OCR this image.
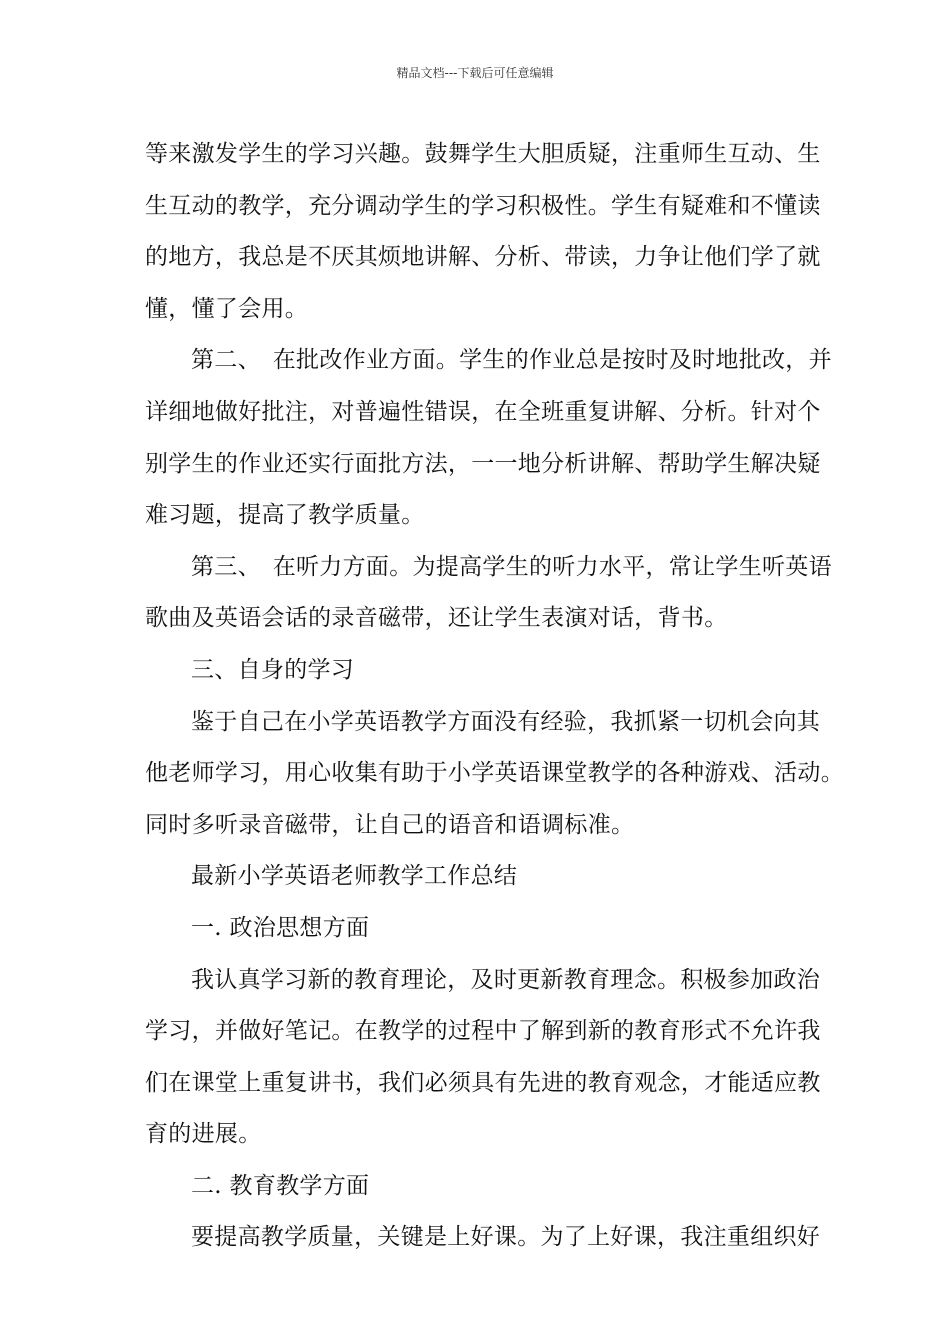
精品文档---下载后可任意编辑

等来激发学生的学习兴趣。鼓舞学生大胆质疑，注重师生互动、生

生互动的教学，充分调动学生的学习积极性。学生有疑难和不懂读

的地方，我总是不厌其烦地讲解、分析、带读，力争让他们学了就

懂，懂了会用。

第二、　在批改作业方面。学生的作业总是按时及时地批改，并

详细地做好批注，对普遍性错误，在全班重复讲解、分析。针对个

别学生的作业还实行面批方法，一一地分析讲解、帮助学生解决疑

难习题，提高了教学质量。

第三、　在听力方面。为提高学生的听力水平，常让学生听英语

歌曲及英语会话的录音磁带，还让学生表演对话，背书。

三、自身的学习

鉴于自己在小学英语教学方面没有经验，我抓紧一切机会向其

他老师学习，用心收集有助于小学英语课堂教学的各种游戏、活动。

同时多听录音磁带，让自己的语音和语调标准。

最新小学英语老师教学工作总结

一. 政治思想方面

我认真学习新的教育理论，及时更新教育理念。积极参加政治

学习，并做好笔记。在教学的过程中了解到新的教育形式不允许我

们在课堂上重复讲书，我们必须具有先进的教育观念，才能适应教

育的进展。

二. 教育教学方面

要提高教学质量，关键是上好课。为了上好课，我注重组织好
